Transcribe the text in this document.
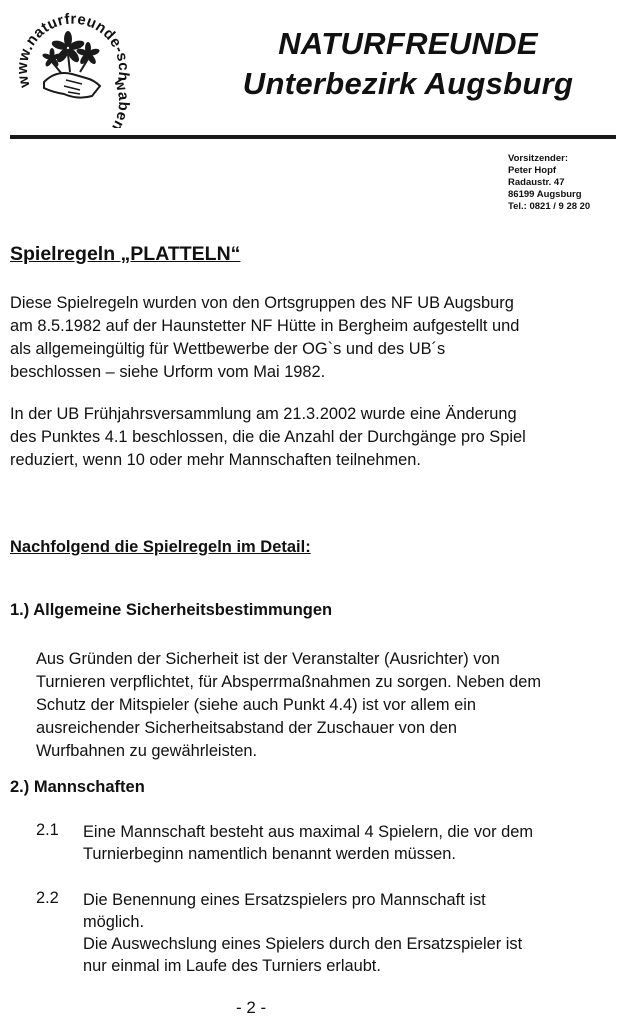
www.naturfreunde-schwaben
NATURFREUNDE
Unterbezirk Augsburg
Vorsitzender:
Peter Hopf
Radaustr. 47
86199 Augsburg
Tel.: 0821 / 9 28 20
Spielregeln „PLATTELN“
Diese Spielregeln wurden von den Ortsgruppen des NF UB Augsburg
am 8.5.1982 auf der Haunstetter NF Hütte in Bergheim aufgestellt und
als allgemeingültig für Wettbewerbe der OG`s und des UB´s
beschlossen – siehe Urform vom Mai 1982.
In der UB Frühjahrsversammlung am 21.3.2002 wurde eine Änderung
des Punktes 4.1 beschlossen, die die Anzahl der Durchgänge pro Spiel
reduziert, wenn 10 oder mehr Mannschaften teilnehmen.
Nachfolgend die Spielregeln im Detail:
1.) Allgemeine Sicherheitsbestimmungen
Aus Gründen der Sicherheit ist der Veranstalter (Ausrichter) von
Turnieren verpflichtet, für Absperrmaßnahmen zu sorgen. Neben dem
Schutz der Mitspieler (siehe auch Punkt 4.4) ist vor allem ein
ausreichender Sicherheitsabstand der Zuschauer von den
Wurfbahnen zu gewährleisten.
2.) Mannschaften
2.1 Eine Mannschaft besteht aus maximal 4 Spielern, die vor dem
Turnierbeginn namentlich benannt werden müssen.
2.2 Die Benennung eines Ersatzspielers pro Mannschaft ist
möglich.
Die Auswechslung eines Spielers durch den Ersatzspieler ist
nur einmal im Laufe des Turniers erlaubt.
- 2 -
